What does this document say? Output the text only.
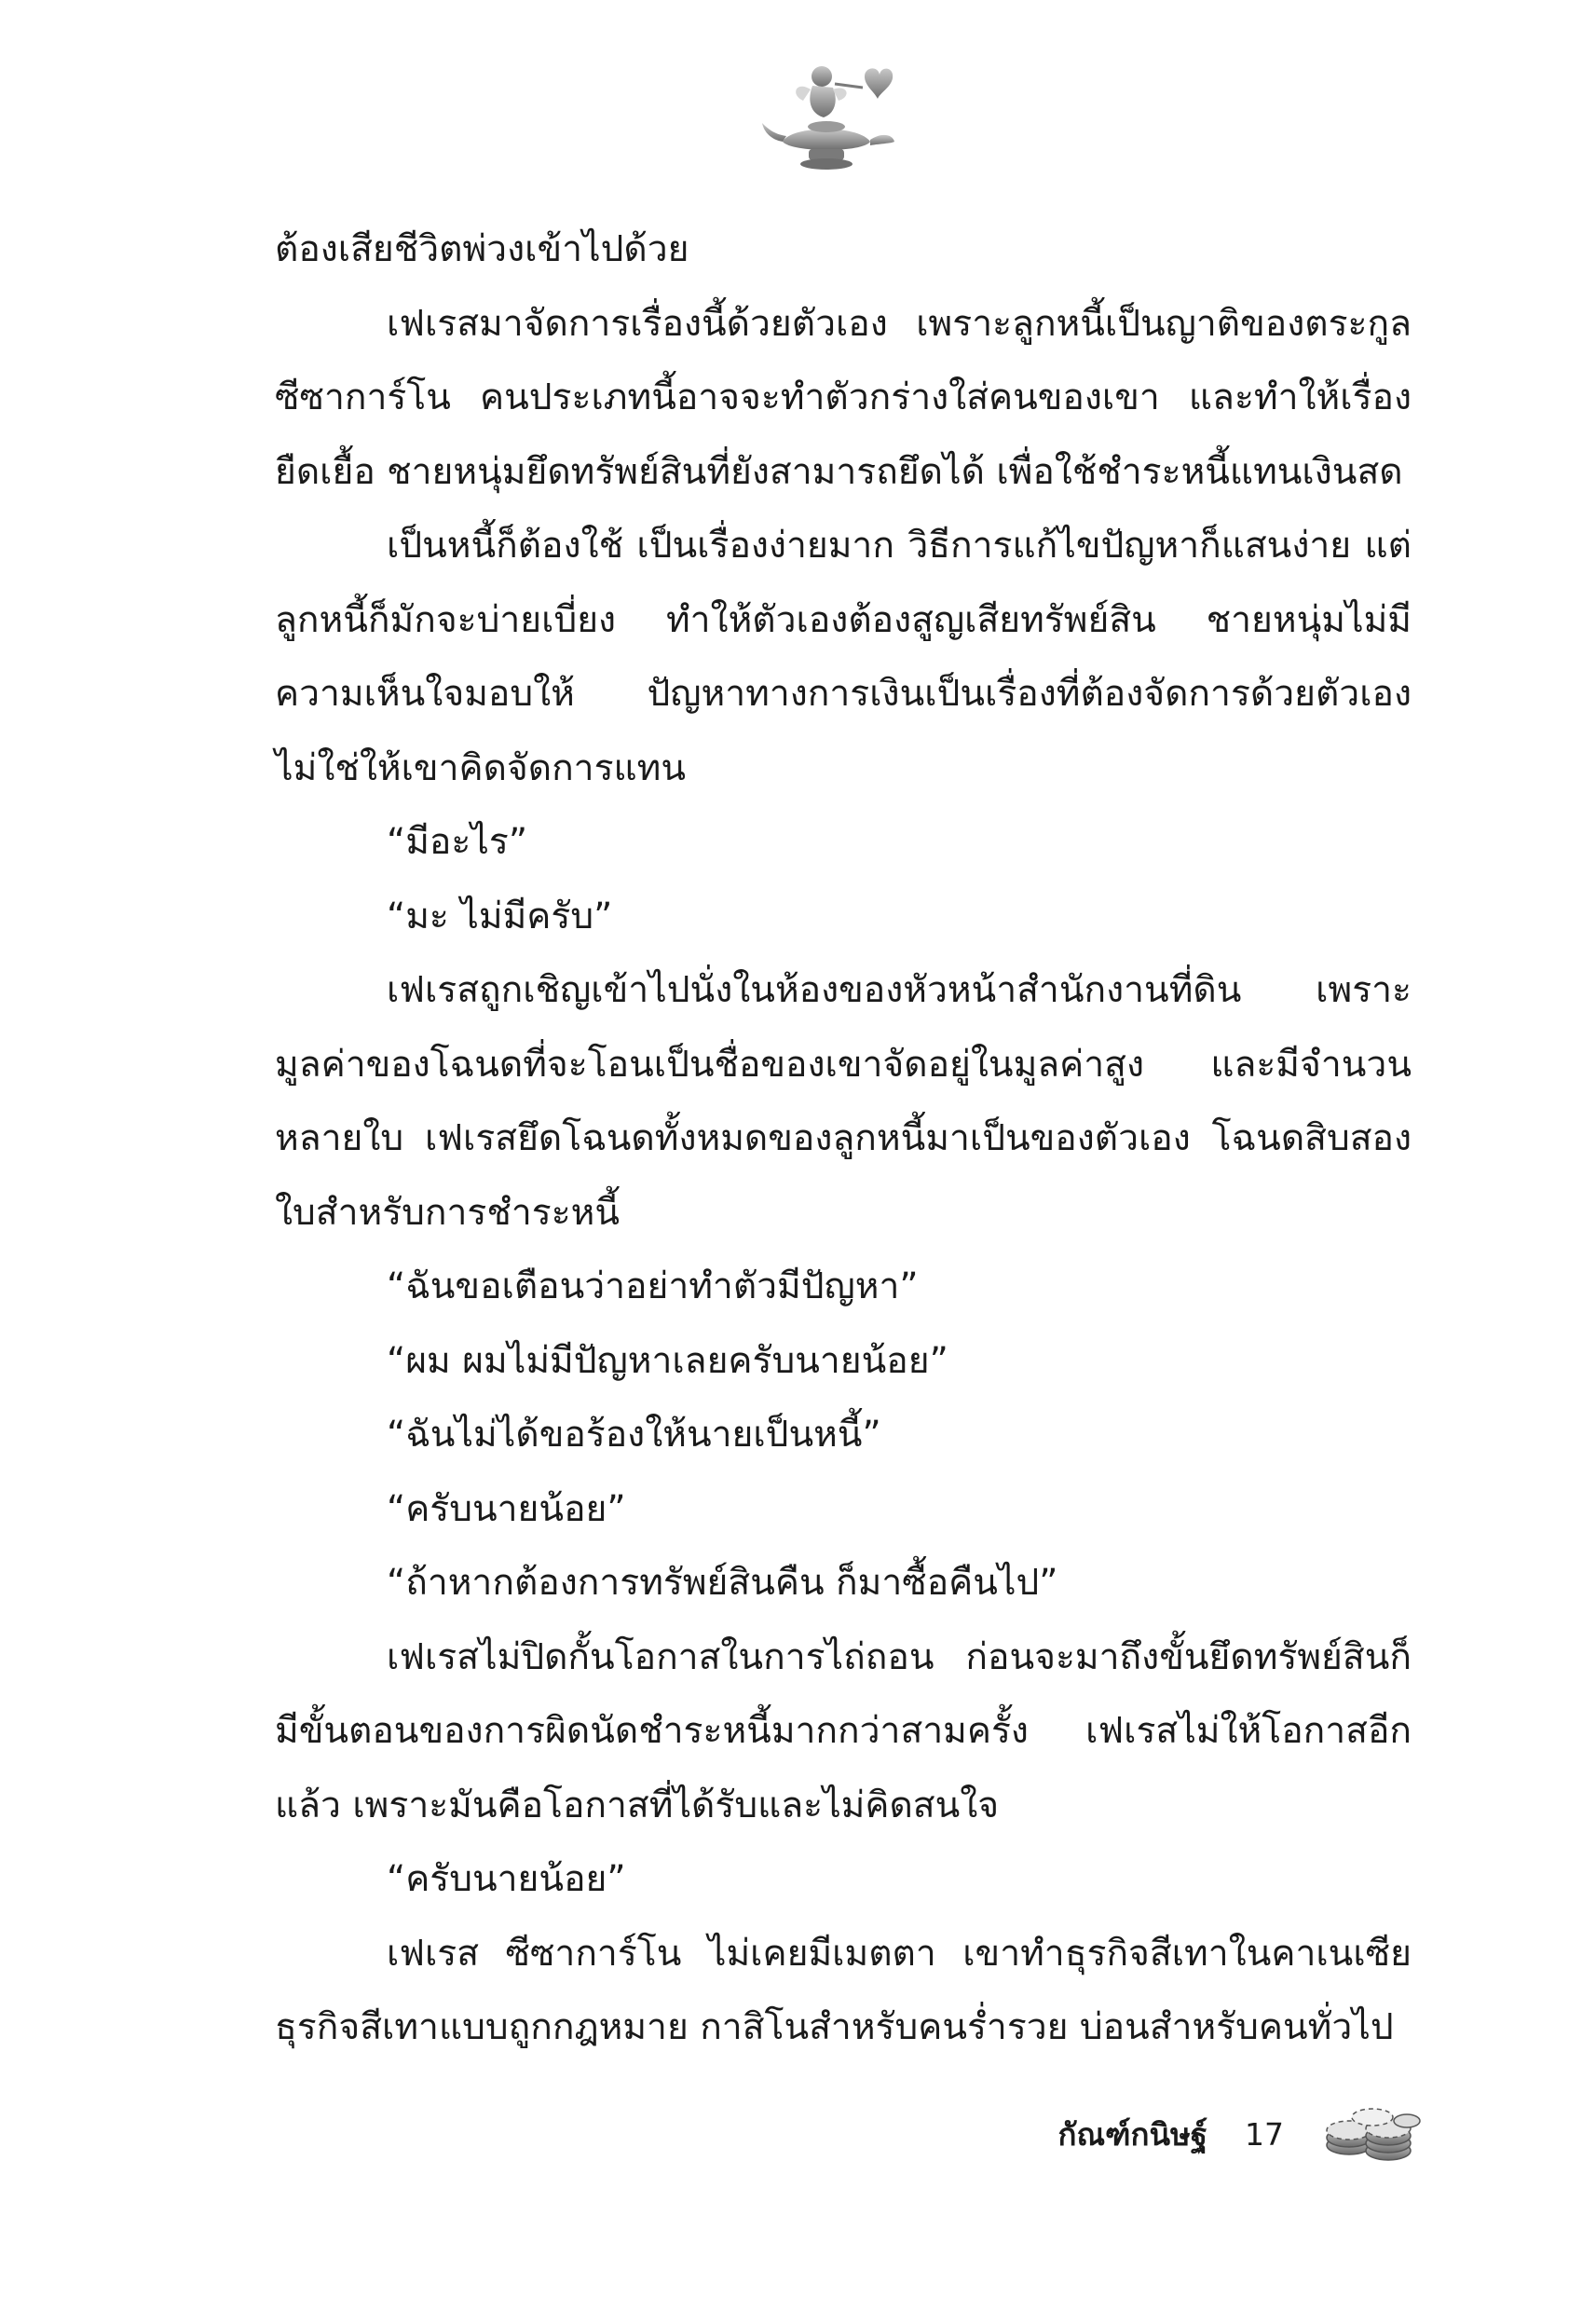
ต้องเสียชีวิตพ่วงเข้าไปด้วย

เฟเรสมาจัดการเรื่องนี้ด้วยตัวเอง เพราะลูกหนี้เป็นญาติของตระกูล ซีซาการ์โน คนประเภทนี้อาจจะทำตัวกร่างใส่คนของเขา และทำให้เรื่องยืดเยื้อ ชายหนุ่มยึดทรัพย์สินที่ยังสามารถยึดได้ เพื่อใช้ชำระหนี้แทนเงินสด

เป็นหนี้ก็ต้องใช้ เป็นเรื่องง่ายมาก วิธีการแก้ไขปัญหาก็แสนง่าย แต่ลูกหนี้ก็มักจะบ่ายเบี่ยง ทำให้ตัวเองต้องสูญเสียทรัพย์สิน ชายหนุ่มไม่มีความเห็นใจมอบให้ ปัญหาทางการเงินเป็นเรื่องที่ต้องจัดการด้วยตัวเอง ไม่ใช่ให้เขาคิดจัดการแทน

“มีอะไร”

“มะ ไม่มีครับ”

เฟเรสถูกเชิญเข้าไปนั่งในห้องของหัวหน้าสำนักงานที่ดิน เพราะมูลค่าของโฉนดที่จะโอนเป็นชื่อของเขาจัดอยู่ในมูลค่าสูง และมีจำนวนหลายใบ เฟเรสยึดโฉนดทั้งหมดของลูกหนี้มาเป็นของตัวเอง โฉนดสิบสองใบสำหรับการชำระหนี้

“ฉันขอเตือนว่าอย่าทำตัวมีปัญหา”

“ผม ผมไม่มีปัญหาเลยครับนายน้อย”

“ฉันไม่ได้ขอร้องให้นายเป็นหนี้”

“ครับนายน้อย”

“ถ้าหากต้องการทรัพย์สินคืน ก็มาซื้อคืนไป”

เฟเรสไม่ปิดกั้นโอกาสในการไถ่ถอน ก่อนจะมาถึงขั้นยึดทรัพย์สินก็มีขั้นตอนของการผิดนัดชำระหนี้มากกว่าสามครั้ง เฟเรสไม่ให้โอกาสอีกแล้ว เพราะมันคือโอกาสที่ได้รับและไม่คิดสนใจ

“ครับนายน้อย”

เฟเรส ซีซาการ์โน ไม่เคยมีเมตตา เขาทำธุรกิจสีเทาในคาเนเซียธุรกิจสีเทาแบบถูกกฎหมาย กาสิโนสำหรับคนร่ำรวย บ่อนสำหรับคนทั่วไป

กัณฑ์กนิษฐ์ 17
